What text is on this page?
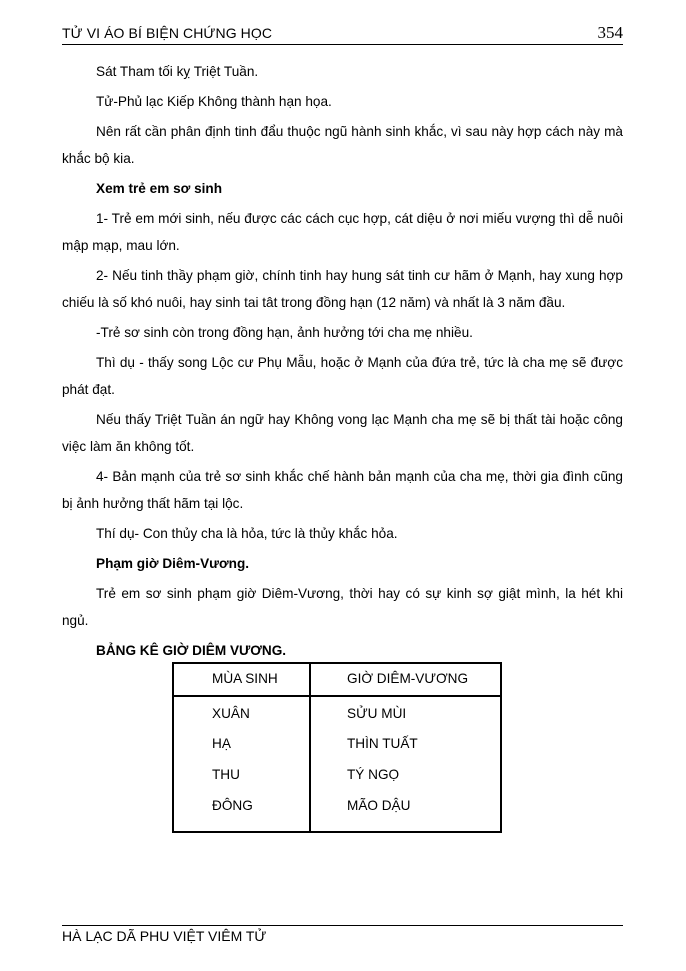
TỬ VI ÁO BÍ BIỆN CHỨNG HỌC	354

Sát Tham tối kỵ Triệt Tuần.

Tử-Phủ lạc Kiếp Không thành hạn họa.

Nên rất cần phân định tinh đẩu thuộc ngũ hành sinh khắc, vì sau này hợp cách này mà khắc bộ kia.

Xem trẻ em sơ sinh

1- Trẻ em mới sinh, nếu được các cách cục hợp, cát diệu ở nơi miếu vượng thì dễ nuôi mập mạp, mau lớn.

2- Nếu tinh thầy phạm giờ, chính tinh hay hung sát tinh cư hãm ở Mạnh, hay xung hợp chiếu là số khó nuôi, hay sinh tai tât trong đồng hạn (12 năm) và nhất là 3 năm đầu.

-Trẻ sơ sinh còn trong đồng hạn, ảnh hưởng tới cha mẹ nhiều.

Thì dụ - thấy song Lộc cư Phụ Mẫu, hoặc ở Mạnh của đứa trẻ, tức là cha mẹ sẽ được phát đạt.

Nếu thấy Triệt Tuần án ngữ hay Không vong lạc Mạnh cha mẹ sẽ bị thất tài hoặc công việc làm ăn không tốt.

4- Bản mạnh của trẻ sơ sinh khắc chế hành bản mạnh của cha mẹ, thời gia đình cũng bị ảnh hưởng thất hãm tại lộc.

Thí dụ- Con thủy cha là hỏa, tức là thủy khắc hỏa.

Phạm giờ Diêm-Vương.

Trẻ em sơ sinh phạm giờ Diêm-Vương, thời hay có sự kinh sợ giật mình, la hét khi ngủ.

BẢNG KÊ GIỜ DIÊM VƯƠNG.

MÙA SINH	GIỜ DIÊM-VƯƠNG
XUÂN	SỬU MÙI
HẠ	THÌN TUẤT
THU	TÝ NGỌ
ĐÔNG	MÃO DẬU
HÀ LẠC DÃ PHU VIỆT VIÊM TỬ
